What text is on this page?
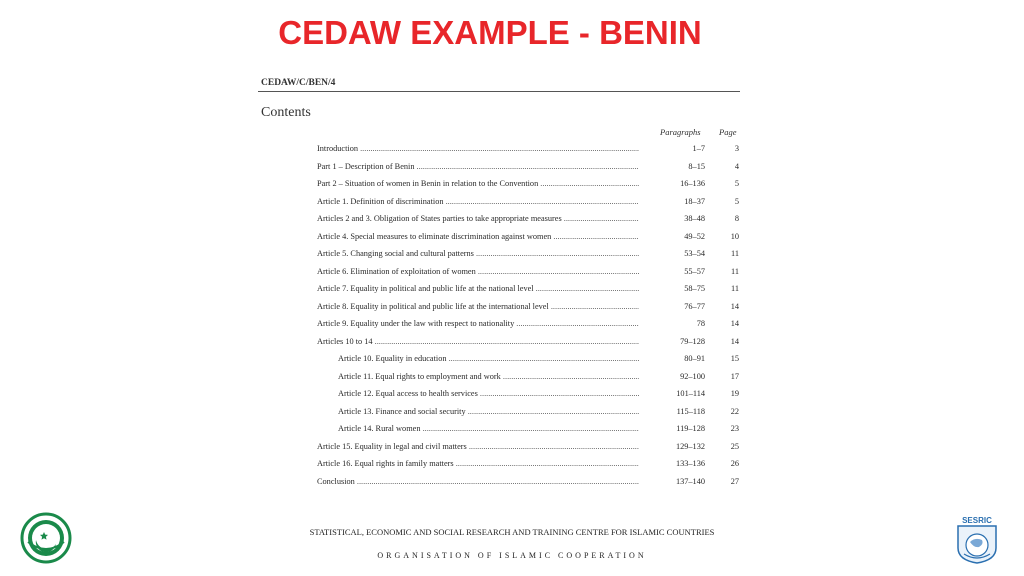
CEDAW EXAMPLE - BENIN
CEDAW/C/BEN/4
Contents
Paragraphs Page
Introduction .....	1–7	3
Part 1 – Description of Benin .....	8–15	4
Part 2 – Situation of women in Benin in relation to the Convention .....	16–136	5
Article 1. Definition of discrimination .....	18–37	5
Articles 2 and 3. Obligation of States parties to take appropriate measures .....	38–48	8
Article 4. Special measures to eliminate discrimination against women .....	49–52	10
Article 5. Changing social and cultural patterns .....	53–54	11
Article 6. Elimination of exploitation of women .....	55–57	11
Article 7. Equality in political and public life at the national level .....	58–75	11
Article 8. Equality in political and public life at the international level .....	76–77	14
Article 9. Equality under the law with respect to nationality .....	78	14
Articles 10 to 14 .....	79–128	14
Article 10. Equality in education .....	80–91	15
Article 11. Equal rights to employment and work .....	92–100	17
Article 12. Equal access to health services .....	101–114	19
Article 13. Finance and social security .....	115–118	22
Article 14. Rural women .....	119–128	23
Article 15. Equality in legal and civil matters .....	129–132	25
Article 16. Equal rights in family matters .....	133–136	26
Conclusion .....	137–140	27
SESRIC
STATISTICAL, ECONOMIC AND SOCIAL RESEARCH AND TRAINING CENTRE FOR ISLAMIC COUNTRIES
ORGANISATION OF ISLAMIC COOPERATION
